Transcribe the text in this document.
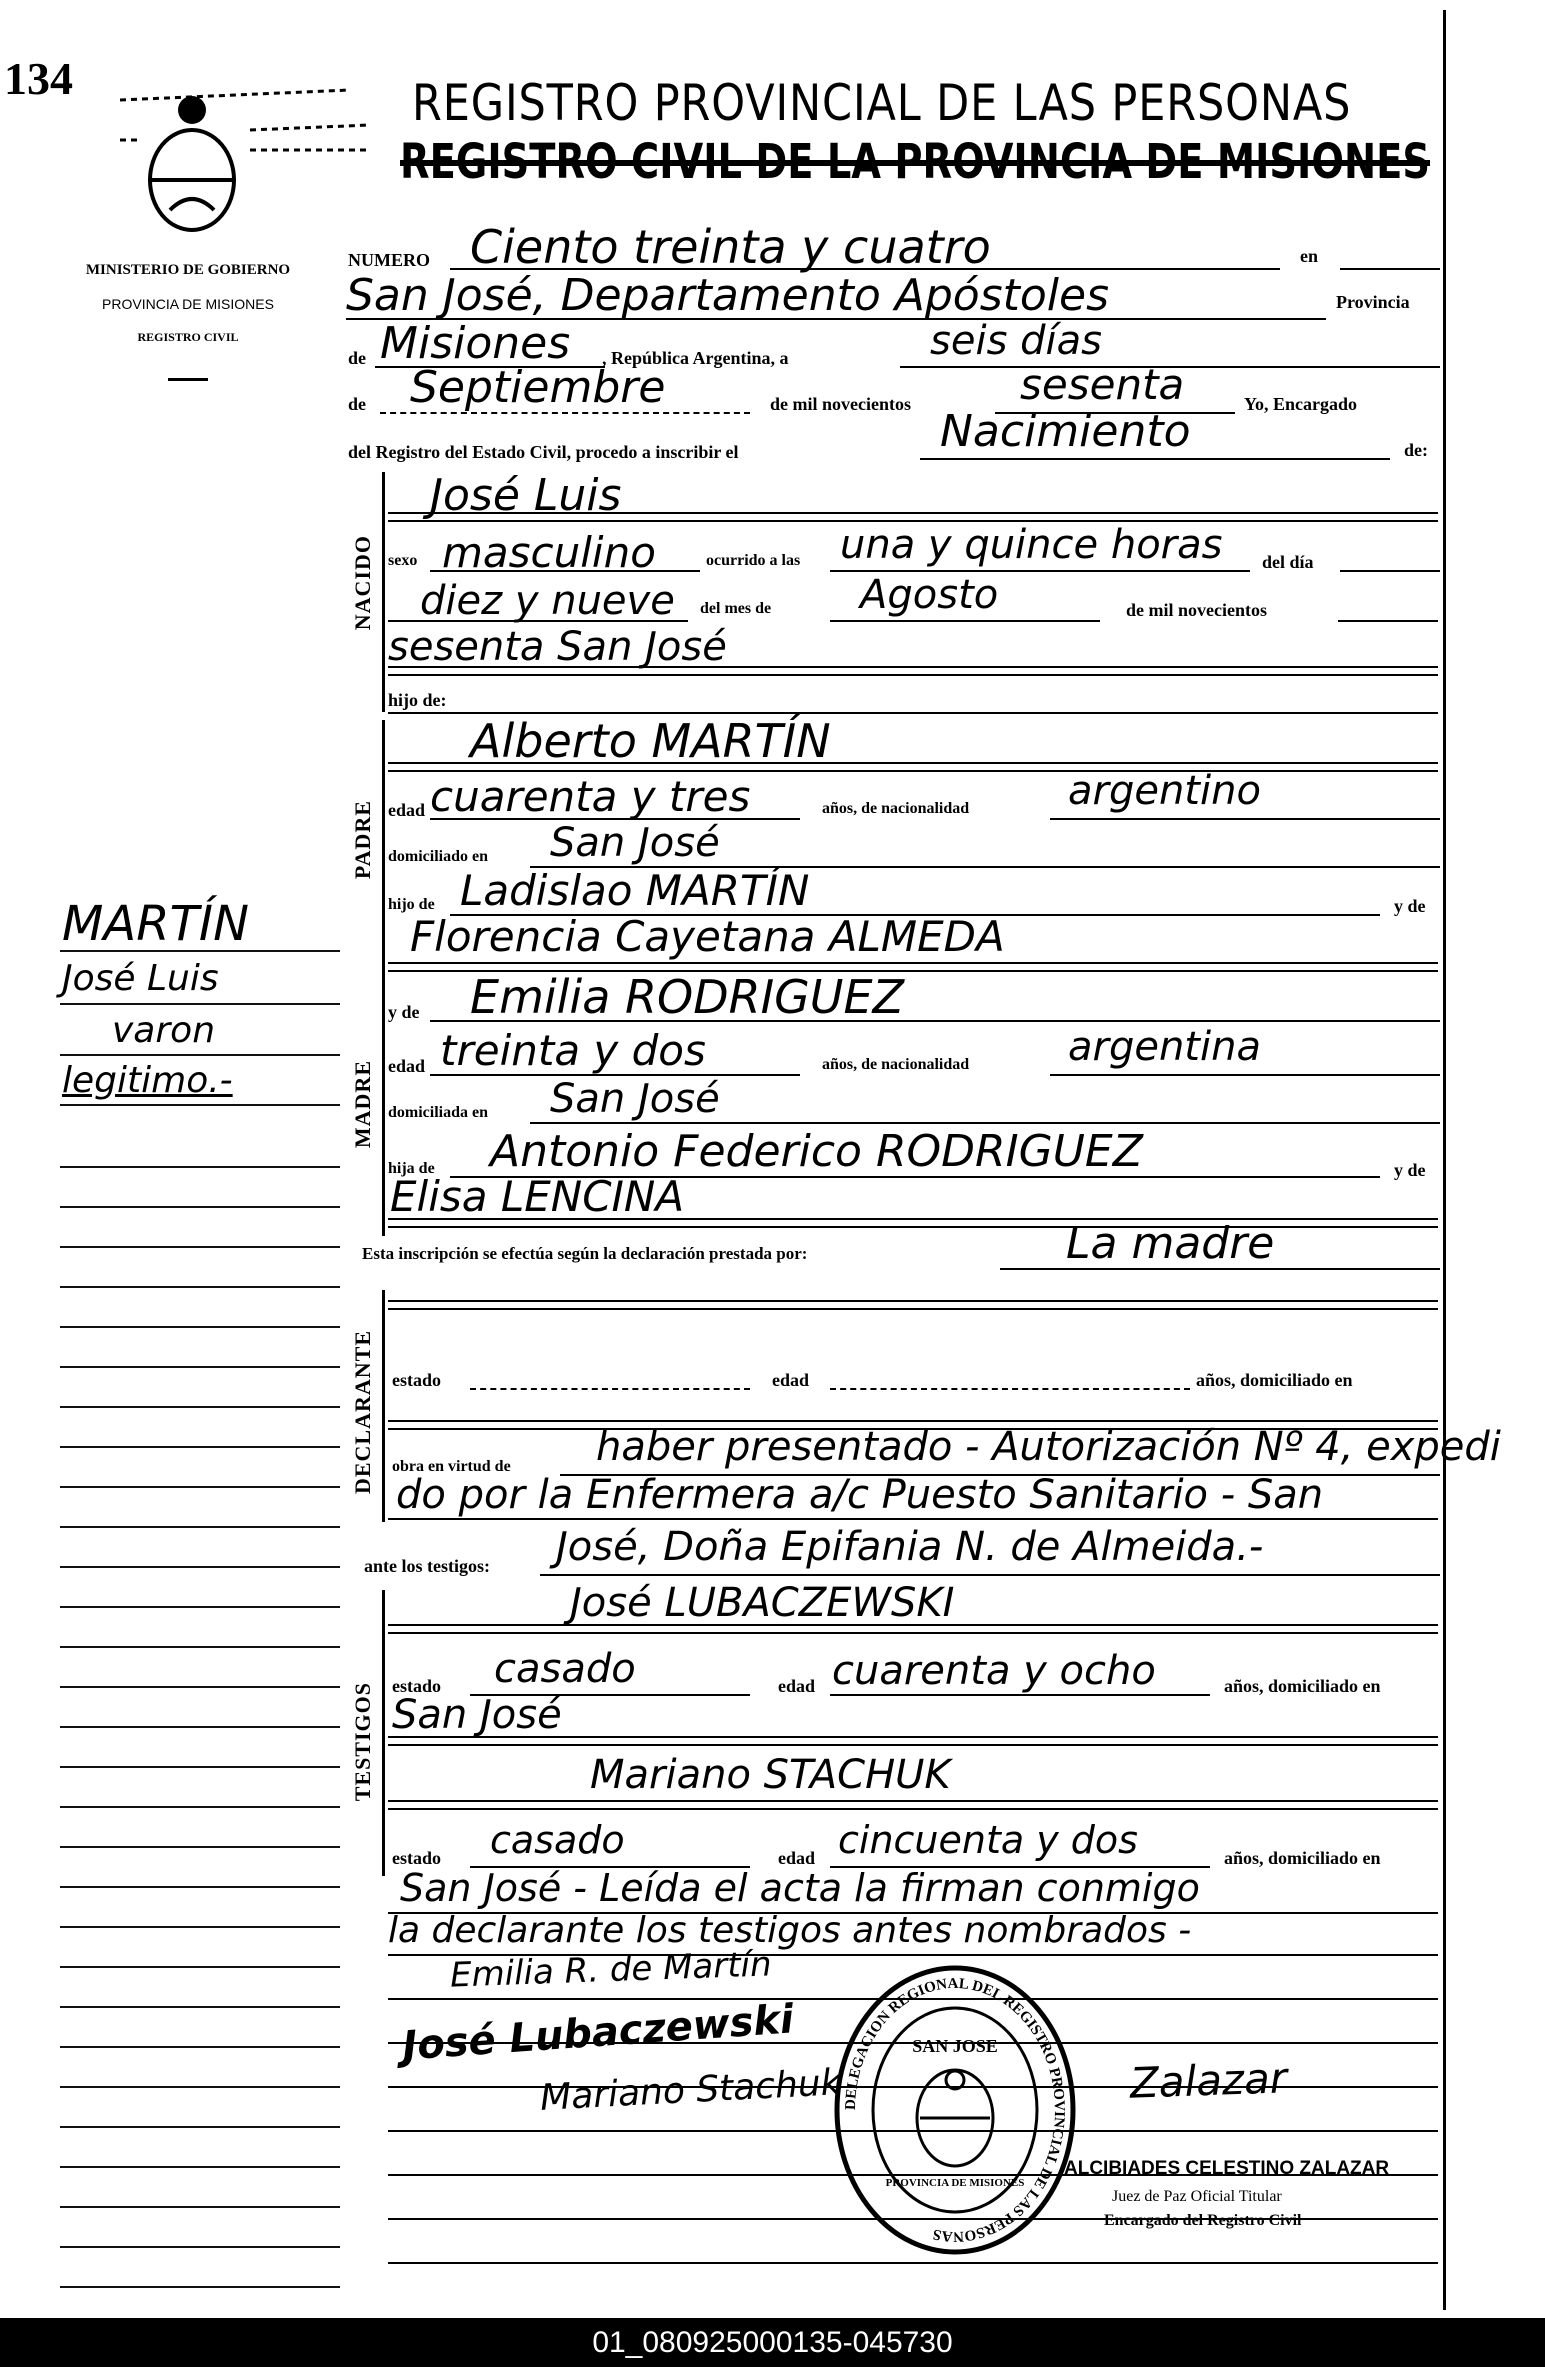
134
MINISTERIO DE GOBIERNO
PROVINCIA DE MISIONES
REGISTRO CIVIL
REGISTRO PROVINCIAL DE LAS PERSONAS
REGISTRO CIVIL DE LA PROVINCIA DE MISIONES
MARTÍN
José Luis
varon
legitimo.-
NUMERO Ciento treinta y cuatro	en
San José, Departamento Apóstoles	Provincia
de Misiones , República Argentina, a	seis días
de Septiembre	de mil novecientos	sesenta	Yo, Encargado
del Registro del Estado Civil, procedo a inscribir el	Nacimiento	de:
NACIDO
José Luis
sexo masculino	ocurrido a las una y quince horas del día
diez y nueve del mes de Agosto	de mil novecientos
sesenta San José
hijo de:
PADRE
Alberto MARTÍN
edad cuarenta y tres	años, de nacionalidad argentino
domiciliado en San José
hijo de Ladislao MARTÍN	y de
Florencia Cayetana ALMEDA
MADRE
y de Emilia RODRIGUEZ
edad treinta y dos	años, de nacionalidad argentina
domiciliada en San José
hija de Antonio Federico RODRIGUEZ	y de
Elisa LENCINA
Esta inscripción se efectúa según la declaración prestada por:	La madre
DECLARANTE estado	edad	años, domiciliado en
obra en virtud de haber presentado - Autorización Nº 4, expedi
do por la Enfermera a/c Puesto Sanitario - San
ante los testigos: José, Doña Epifania N. de Almeida.-
TESTIGOS
José LUBACZEWSKI
estado casado	edad cuarenta y ocho	años, domiciliado en
San José
Mariano STACHUK
estado casado	edad cincuenta y dos	años, domiciliado en
San José - Leída el acta la firman conmigo
la declarante los testigos antes nombrados -
Emilia R. de Martín
José Lubaczewski
Mariano Stachuk	Zalazar
DELEGACION REGIONAL DEL REGISTRO PROVINCIAL DE LAS PERSONAS
SAN JOSE
PROVINCIA DE MISIONES
ALCIBIADES CELESTINO ZALAZAR
Juez de Paz Oficial Titular
Encargado del Registro Civil
01_080925000135-045730
